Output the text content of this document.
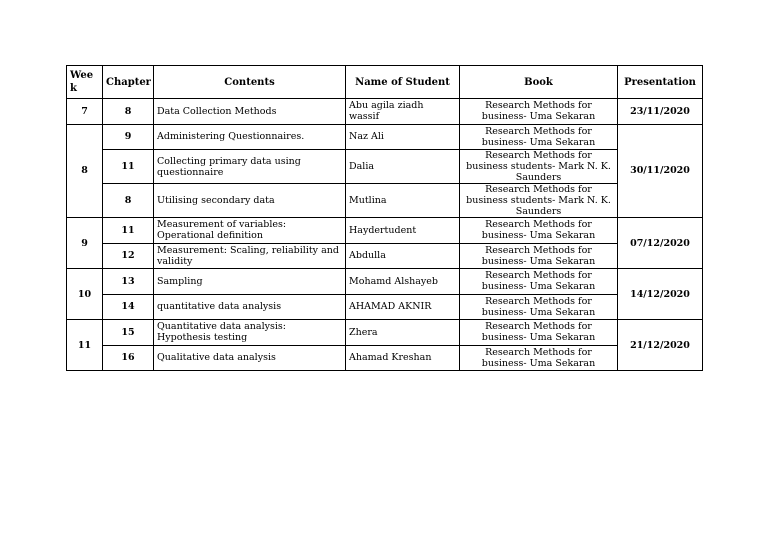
Wee k	Chapter	Contents	Name of Student	Book	Presentation
7	8	Data Collection Methods	Abu agila ziadh wassif	Research Methods for business- Uma Sekaran	23/11/2020
8	9	Administering Questionnaires.	Naz Ali	Research Methods for business- Uma Sekaran	30/11/2020
	11	Collecting primary data using questionnaire	Dalia	Research Methods for business students- Mark N. K. Saunders	
	8	Utilising secondary data	Mutlina	Research Methods for business students- Mark N. K. Saunders	
9	11	Measurement of variables: Operational definition	Haydertudent	Research Methods for business- Uma Sekaran	07/12/2020
	12	Measurement: Scaling, reliability and validity	Abdulla	Research Methods for business- Uma Sekaran	
10	13	Sampling	Mohamd Alshayeb	Research Methods for business- Uma Sekaran	14/12/2020
	14	quantitative data analysis	AHAMAD AKNIR	Research Methods for business- Uma Sekaran	
11	15	Quantitative data analysis: Hypothesis testing	Zhera	Research Methods for business- Uma Sekaran	21/12/2020
	16	Qualitative data analysis	Ahamad Kreshan	Research Methods for business- Uma Sekaran	
